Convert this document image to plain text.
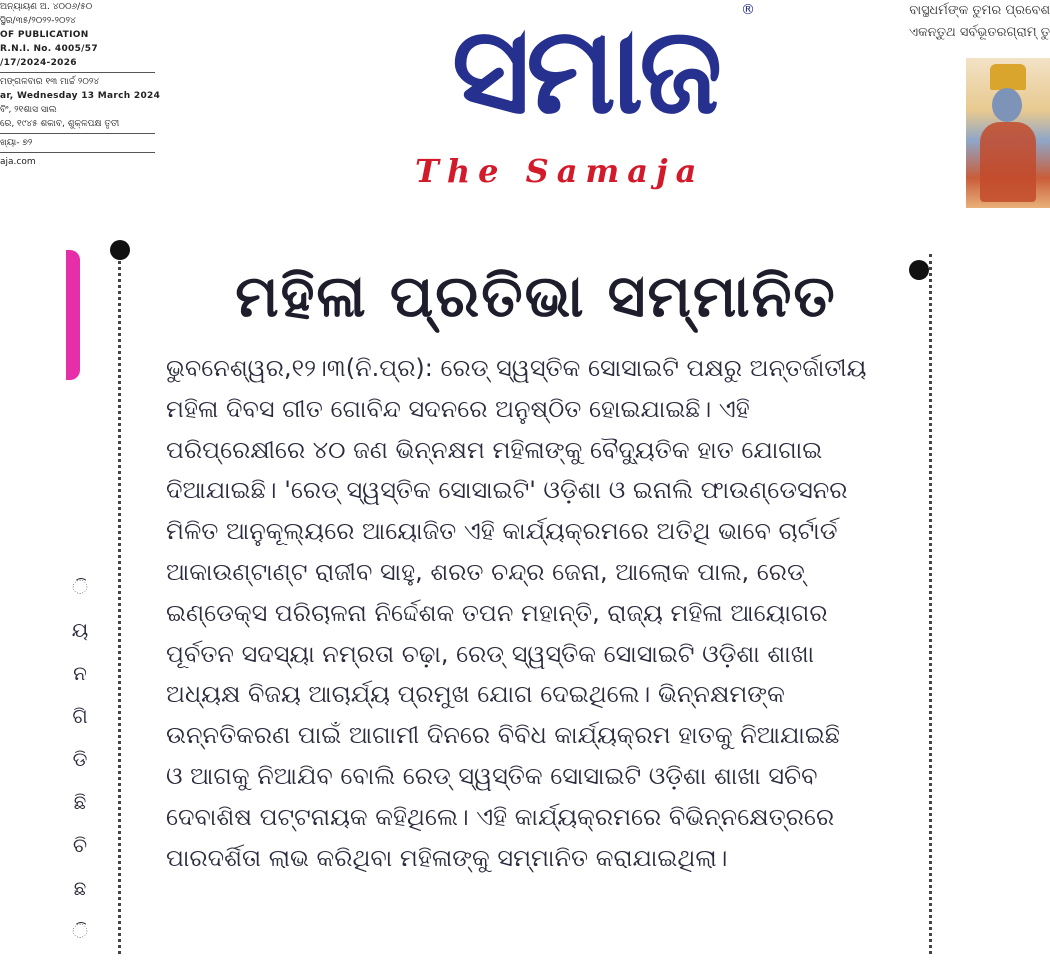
ଅନ୍ୟାୟଣ ଅ. ୪୦୦୬/୫୦
ସ୍ଥିର/୩୫/୨୦୨୨-୨୦୨୪
OF PUBLICATION
R.N.I. No. 4005/57
/17/2024-2026
ମଙ୍ଗଳବାର ୧୩ ମାର୍ଚ୍ଚ ୨୦୨୪
ar, Wednesday 13 March 2024
ବିଂ, ୨୧ଶାସ ସାଲ
ରେ, ୧୯୪୫ ଶକାବ, ଶୁକ୍ଳପକ୍ଷ ତୃତୀ
ଖ୍ୟା- ୭୨
aja.com
ସମାଜ	®
The Samaja
ବାସ୍ଥଧର୍ମଙ୍କ ତୁମର ପ୍ରବେଶ
ଏକନ୍ତୁଥ ସର୍ବଭୂତରଗ୍ରାମ୍ ତୁ
ି
ୟ
ନ
ଗି
ଡି
ଛି
ଚି
ଛ
ି
ମହିଳା ପ୍ରତିଭା ସମ୍ମାନିତ
ଭୁବନେଶ୍ୱର,୧୨।୩(ନି.ପ୍ର): ରେଡ୍ ସ୍ୱସ୍ତିକ ସୋସାଇଟି ପକ୍ଷରୁ ଅନ୍ତର୍ଜାତୀୟ
ମହିଳା ଦିବସ ଗୀତ ଗୋବିନ୍ଦ ସଦନରେ ଅନୁଷ୍ଠିତ ହୋଇଯାଇଛି। ଏହି
ପରିପ୍ରେକ୍ଷୀରେ ୪୦ ଜଣ ଭିନ୍ନକ୍ଷମ ମହିଳାଙ୍କୁ ବୈଦ୍ୟୁତିକ ହାତ ଯୋଗାଇ
ଦିଆଯାଇଛି। 'ରେଡ୍ ସ୍ୱସ୍ତିକ ସୋସାଇଟି' ଓଡ଼ିଶା ଓ ଇନାଲି ଫାଉଣ୍ଡେସନର
ମିଳିତ ଆନୁକୂଲ୍ୟରେ ଆୟୋଜିତ ଏହି କାର୍ଯ୍ୟକ୍ରମରେ ଅତିଥି ଭାବେ ଚାର୍ଟାର୍ଡ
ଆକାଉଣ୍ଟାଣ୍ଟ ରାଜୀବ ସାହୁ, ଶରତ ଚନ୍ଦ୍ର ଜେନା, ଆଲୋକ ପାଲ, ରେଡ୍
ଇଣ୍ଡେକ୍ସ ପରିଚାଳନା ନିର୍ଦ୍ଦେଶକ ତପନ ମହାନ୍ତି, ରାଜ୍ୟ ମହିଳା ଆୟୋଗର
ପୂର୍ବତନ ସଦସ୍ୟା ନମ୍ରତା ଚଢ଼ା, ରେଡ୍ ସ୍ୱସ୍ତିକ ସୋସାଇଟି ଓଡ଼ିଶା ଶାଖା
ଅଧ୍ୟକ୍ଷ ବିଜୟ ଆଚାର୍ଯ୍ୟ ପ୍ରମୁଖ ଯୋଗ ଦେଇଥିଲେ। ଭିନ୍ନକ୍ଷମଙ୍କ
ଉନ୍ନତିକରଣ ପାଇଁ ଆଗାମୀ ଦିନରେ ବିବିଧ କାର୍ଯ୍ୟକ୍ରମ ହାତକୁ ନିଆଯାଇଛି
ଓ ଆଗକୁ ନିଆଯିବ ବୋଲି ରେଡ୍ ସ୍ୱସ୍ତିକ ସୋସାଇଟି ଓଡ଼ିଶା ଶାଖା ସଚିବ
ଦେବାଶିଷ ପଟ୍ଟନାୟକ କହିଥିଲେ। ଏହି କାର୍ଯ୍ୟକ୍ରମରେ ବିଭିନ୍ନକ୍ଷେତ୍ରରେ
ପାରଦର୍ଶିତା ଲାଭ କରିଥିବା ମହିଳାଙ୍କୁ ସମ୍ମାନିତ କରାଯାଇଥିଲା।
